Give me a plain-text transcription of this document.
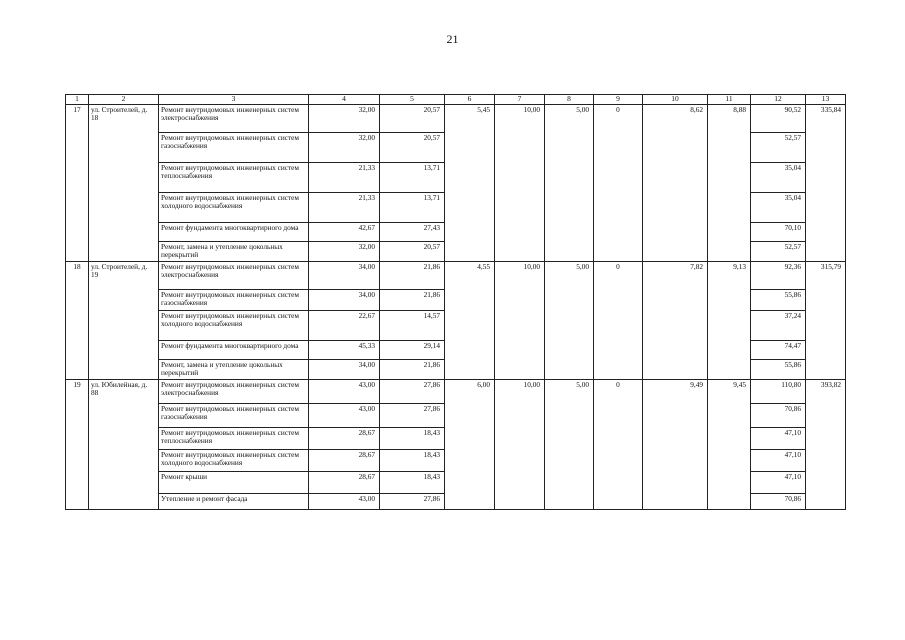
21
1	2	3	4	5	6	7	8	9	10	11	12	13
17	ул. Строителей, д. 18	Ремонт внутридомовых инженерных систем электроснабжения	32,00	20,57	5,45	10,00	5,00	0	8,62	8,88	90,52	335,84
		Ремонт внутридомовых инженерных систем газоснабжения	32,00	20,57							52,57	
		Ремонт внутридомовых инженерных систем теплоснабжения	21,33	13,71							35,04	
		Ремонт внутридомовых инженерных систем холодного водоснабжения	21,33	13,71							35,04	
		Ремонт фундамента многоквартирного дома	42,67	27,43							70,10	
		Ремонт, замена и утепление цокольных перекрытий	32,00	20,57							52,57	
18	ул. Строителей, д. 19	Ремонт внутридомовых инженерных систем электроснабжения	34,00	21,86	4,55	10,00	5,00	0	7,82	9,13	92,36	315,79
		Ремонт внутридомовых инженерных систем газоснабжения	34,00	21,86							55,86	
		Ремонт внутридомовых инженерных систем холодного водоснабжения	22,67	14,57							37,24	
		Ремонт фундамента многоквартирного дома	45,33	29,14							74,47	
		Ремонт, замена и утепление цокольных перекрытий	34,00	21,86							55,86	
19	ул. Юбилейная, д. 88	Ремонт внутридомовых инженерных систем электроснабжения	43,00	27,86	6,00	10,00	5,00	0	9,49	9,45	110,80	393,82
		Ремонт внутридомовых инженерных систем газоснабжения	43,00	27,86							70,86	
		Ремонт внутридомовых инженерных систем теплоснабжения	28,67	18,43							47,10	
		Ремонт внутридомовых инженерных систем холодного водоснабжения	28,67	18,43							47,10	
		Ремонт крыши	28,67	18,43							47,10	
		Утепление и ремонт фасада	43,00	27,86							70,86	
